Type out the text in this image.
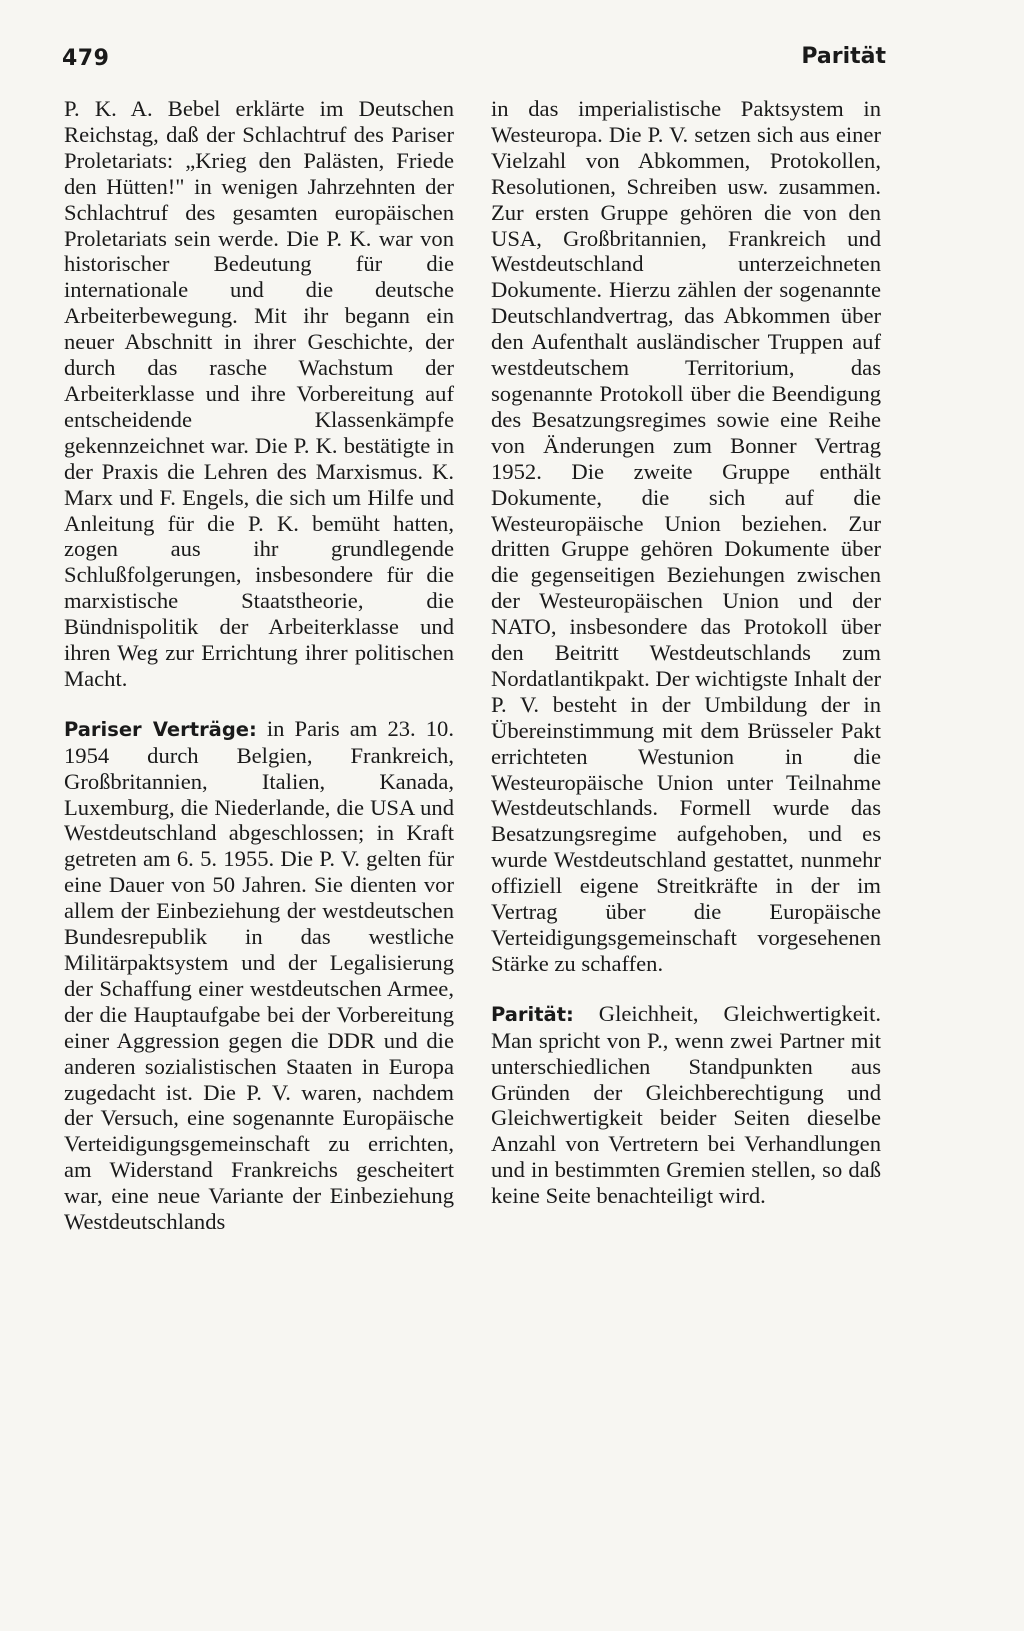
479	Parität

P. K. A. Bebel erklärte im Deutschen Reichstag, daß der Schlachtruf des Pariser Proletariats: „Krieg den Palästen, Friede den Hütten!" in wenigen Jahrzehnten der Schlachtruf des gesamten europäischen Proletariats sein werde. Die P. K. war von historischer Bedeutung für die internationale und die deutsche Arbeiterbewegung. Mit ihr begann ein neuer Abschnitt in ihrer Geschichte, der durch das rasche Wachstum der Arbeiterklasse und ihre Vorbereitung auf entscheidende Klassenkämpfe gekennzeichnet war. Die P. K. bestätigte in der Praxis die Lehren des Marxismus. K. Marx und F. Engels, die sich um Hilfe und Anleitung für die P. K. bemüht hatten, zogen aus ihr grundlegende Schlußfolgerungen, insbesondere für die marxistische Staatstheorie, die Bündnispolitik der Arbeiterklasse und ihren Weg zur Errichtung ihrer politischen Macht.

Pariser Verträge: in Paris am 23. 10. 1954 durch Belgien, Frankreich, Großbritannien, Italien, Kanada, Luxemburg, die Niederlande, die USA und Westdeutschland abgeschlossen; in Kraft getreten am 6. 5. 1955. Die P. V. gelten für eine Dauer von 50 Jahren. Sie dienten vor allem der Einbeziehung der westdeutschen Bundesrepublik in das westliche Militärpaktsystem und der Legalisierung der Schaffung einer westdeutschen Armee, der die Hauptaufgabe bei der Vorbereitung einer Aggression gegen die DDR und die anderen sozialistischen Staaten in Europa zugedacht ist. Die P. V. waren, nachdem der Versuch, eine sogenannte Europäische Verteidigungsgemeinschaft zu errichten, am Widerstand Frankreichs gescheitert war, eine neue Variante der Einbeziehung Westdeutschlands

in das imperialistische Paktsystem in Westeuropa. Die P. V. setzen sich aus einer Vielzahl von Abkommen, Protokollen, Resolutionen, Schreiben usw. zusammen. Zur ersten Gruppe gehören die von den USA, Großbritannien, Frankreich und Westdeutschland unterzeichneten Dokumente. Hierzu zählen der sogenannte Deutschlandvertrag, das Abkommen über den Aufenthalt ausländischer Truppen auf westdeutschem Territorium, das sogenannte Protokoll über die Beendigung des Besatzungsregimes sowie eine Reihe von Änderungen zum Bonner Vertrag 1952. Die zweite Gruppe enthält Dokumente, die sich auf die Westeuropäische Union beziehen. Zur dritten Gruppe gehören Dokumente über die gegenseitigen Beziehungen zwischen der Westeuropäischen Union und der NATO, insbesondere das Protokoll über den Beitritt Westdeutschlands zum Nordatlantikpakt. Der wichtigste Inhalt der P. V. besteht in der Umbildung der in Übereinstimmung mit dem Brüsseler Pakt errichteten Westunion in die Westeuropäische Union unter Teilnahme Westdeutschlands. Formell wurde das Besatzungsregime aufgehoben, und es wurde Westdeutschland gestattet, nunmehr offiziell eigene Streitkräfte in der im Vertrag über die Europäische Verteidigungsgemeinschaft vorgesehenen Stärke zu schaffen.

Parität: Gleichheit, Gleichwertigkeit. Man spricht von P., wenn zwei Partner mit unterschiedlichen Standpunkten aus Gründen der Gleichberechtigung und Gleichwertigkeit beider Seiten dieselbe Anzahl von Vertretern bei Verhandlungen und in bestimmten Gremien stellen, so daß keine Seite benachteiligt wird.
